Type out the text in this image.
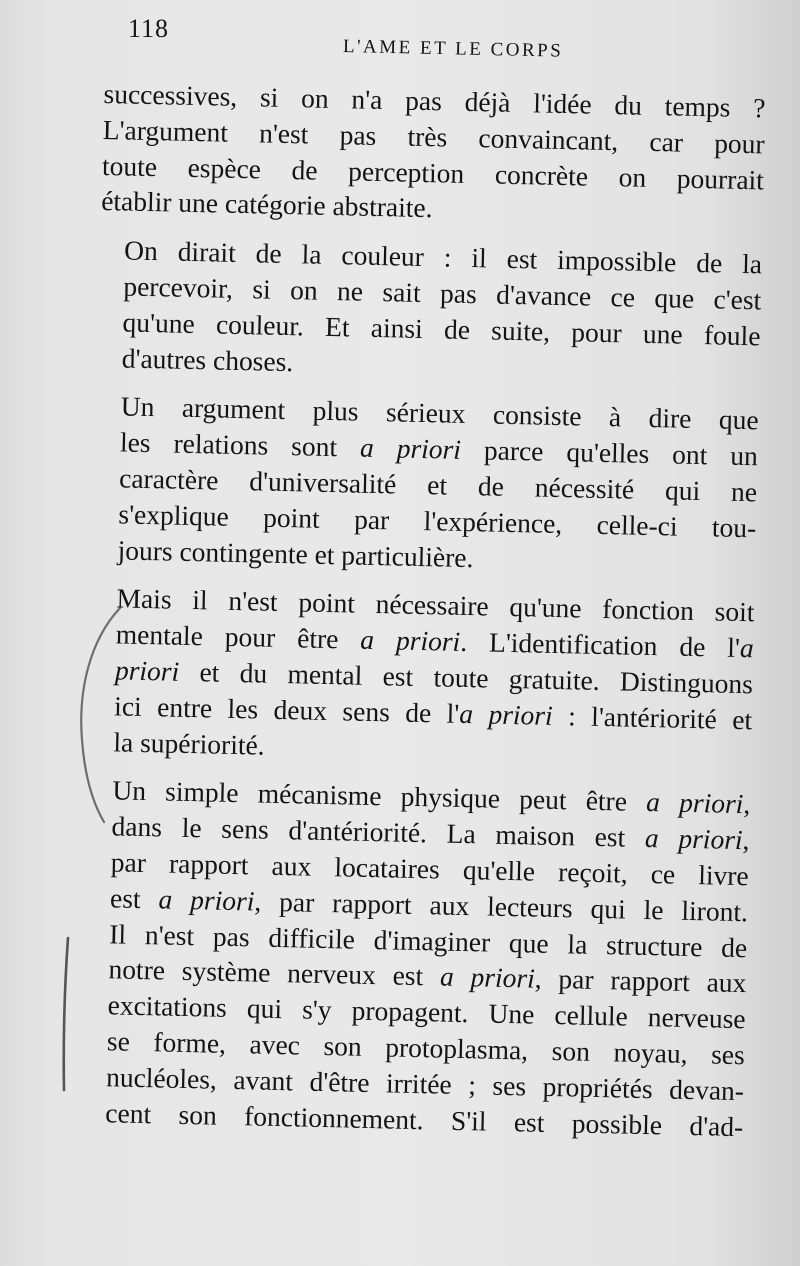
118
L'AME ET LE CORPS

successives, si on n'a pas déjà l'idée du temps ?
L'argument n'est pas très convaincant, car pour
toute espèce de perception concrète on pourrait
établir une catégorie abstraite.

On dirait de la couleur : il est impossible de la
percevoir, si on ne sait pas d'avance ce que c'est
qu'une couleur. Et ainsi de suite, pour une foule
d'autres choses.

Un argument plus sérieux consiste à dire que
les relations sont a priori parce qu'elles ont un
caractère d'universalité et de nécessité qui ne
s'explique point par l'expérience, celle-ci tou-
jours contingente et particulière.

Mais il n'est point nécessaire qu'une fonction soit
mentale pour être a priori. L'identification de l'a
priori et du mental est toute gratuite. Distinguons
ici entre les deux sens de l'a priori : l'antériorité et
la supériorité.

Un simple mécanisme physique peut être a priori,
dans le sens d'antériorité. La maison est a priori,
par rapport aux locataires qu'elle reçoit, ce livre
est a priori, par rapport aux lecteurs qui le liront.
Il n'est pas difficile d'imaginer que la structure de
notre système nerveux est a priori, par rapport aux
excitations qui s'y propagent. Une cellule nerveuse
se forme, avec son protoplasma, son noyau, ses
nucléoles, avant d'être irritée ; ses propriétés devan-
cent son fonctionnement. S'il est possible d'ad-
